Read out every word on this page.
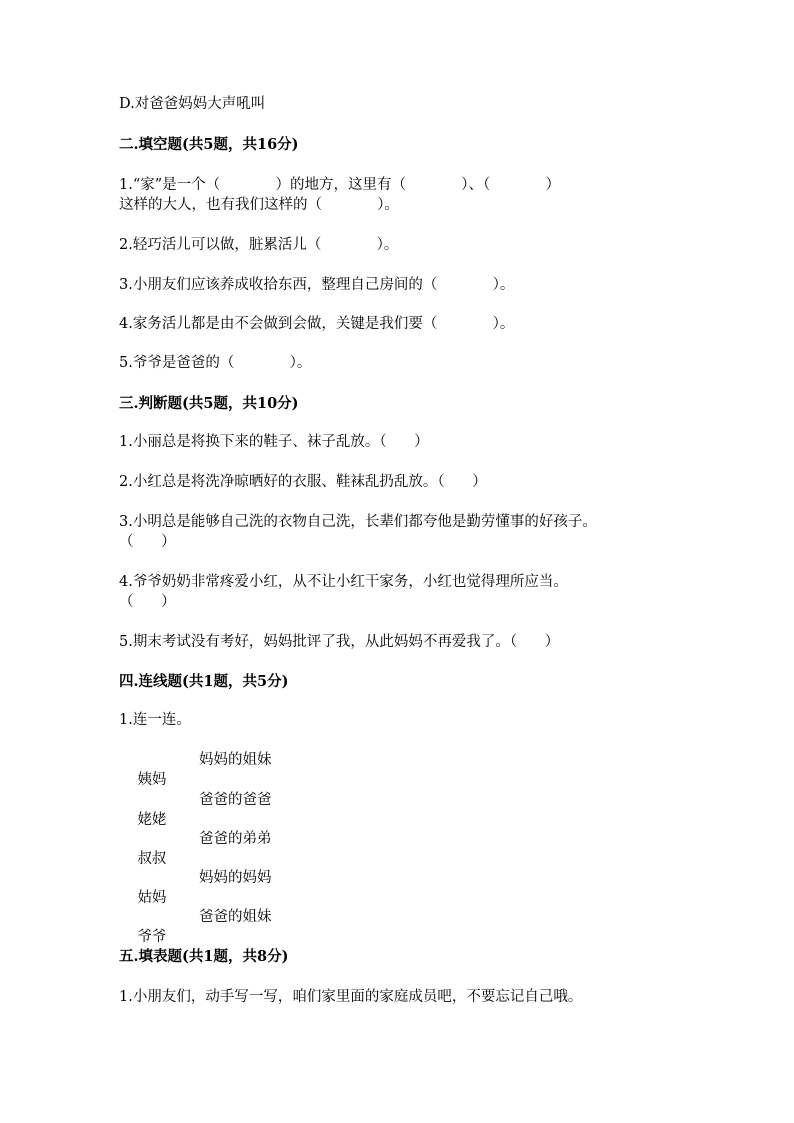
D.对爸爸妈妈大声吼叫
二.填空题(共5题，共16分)
1.“家”是一个（            ）的地方，这里有（            ）、（            ）
这样的大人，也有我们这样的（            ）。
2.轻巧活儿可以做，脏累活儿（            ）。
3.小朋友们应该养成收拾东西，整理自己房间的（            ）。
4.家务活儿都是由不会做到会做，关键是我们要（            ）。
5.爷爷是爸爸的（            ）。
三.判断题(共5题，共10分)
1.小丽总是将换下来的鞋子、袜子乱放。（      ）
2.小红总是将洗净晾晒好的衣服、鞋袜乱扔乱放。（      ）
3.小明总是能够自己洗的衣物自己洗，长辈们都夸他是勤劳懂事的好孩子。
（      ）
4.爷爷奶奶非常疼爱小红，从不让小红干家务，小红也觉得理所应当。
（      ）
5.期末考试没有考好，妈妈批评了我，从此妈妈不再爱我了。（      ）
四.连线题(共1题，共5分)
1.连一连。

姨妈

妈妈的姐妹

姥姥

爸爸的爸爸

叔叔

爸爸的弟弟

姑妈

妈妈的妈妈

爷爷

爸爸的姐妹

五.填表题(共1题，共8分)
1.小朋友们，动手写一写，咱们家里面的家庭成员吧，不要忘记自己哦。
